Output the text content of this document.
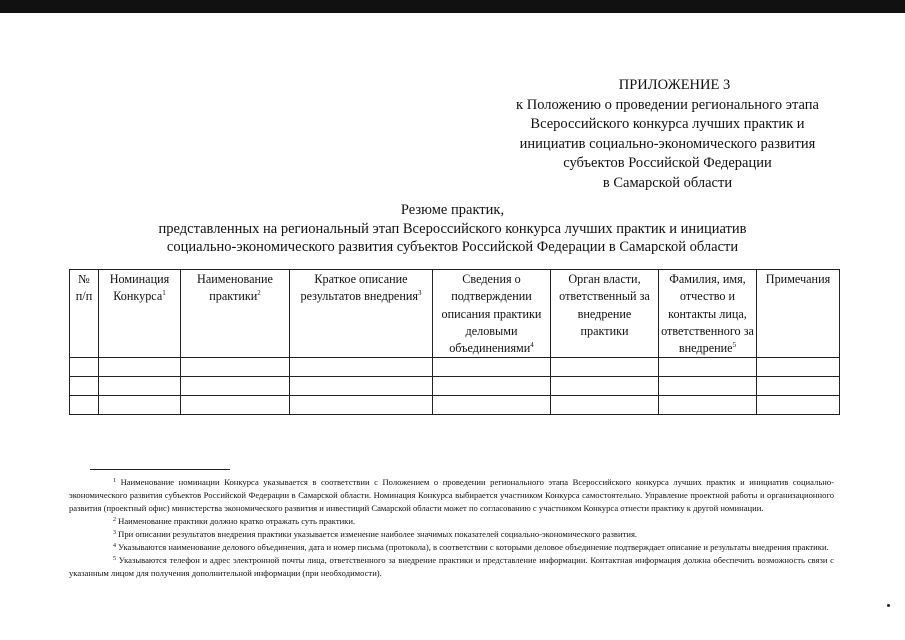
ПРИЛОЖЕНИЕ 3
к Положению о проведении регионального этапа
Всероссийского конкурса лучших практик и
инициатив социально-экономического развития
субъектов Российской Федерации
в Самарской области
Резюме практик,
представленных на региональный этап Всероссийского конкурса лучших практик и инициатив
социально-экономического развития субъектов Российской Федерации в Самарской области
№ п/п	Номинация Конкурса$^1$	Наименование практики$^2$	Краткое описание результатов внедрения$^3$	Сведения о подтверждении описания практики деловыми объединениями$^4$	Орган власти, ответственный за внедрение практики	Фамилия, имя, отчество и контакты лица, ответственного за внедрение$^5$	Примечания

$^1$ Наименование номинации Конкурса указывается в соответствии с Положением о проведении регионального этапа Всероссийского конкурса лучших практик и инициатив социально-экономического развития субъектов Российской Федерации в Самарской области. Номинация Конкурса выбирается участником Конкурса самостоятельно. Управление проектной работы и организационного развития (проектный офис) министерства экономического развития и инвестиций Самарской области может по согласованию с участником Конкурса отнести практику к другой номинации.

$^2$ Наименование практики должно кратко отражать суть практики.

$^3$ При описании результатов внедрения практики указывается изменение наиболее значимых показателей социально-экономического развития.

$^4$ Указываются наименование делового объединения, дата и номер письма (протокола), в соответствии с которыми деловое объединение подтверждает описание и результаты внедрения практики.

$^5$ Указываются телефон и адрес электронной почты лица, ответственного за внедрение практики и представление информации. Контактная информация должна обеспечить возможность связи с указанным лицом для получения дополнительной информации (при необходимости).
